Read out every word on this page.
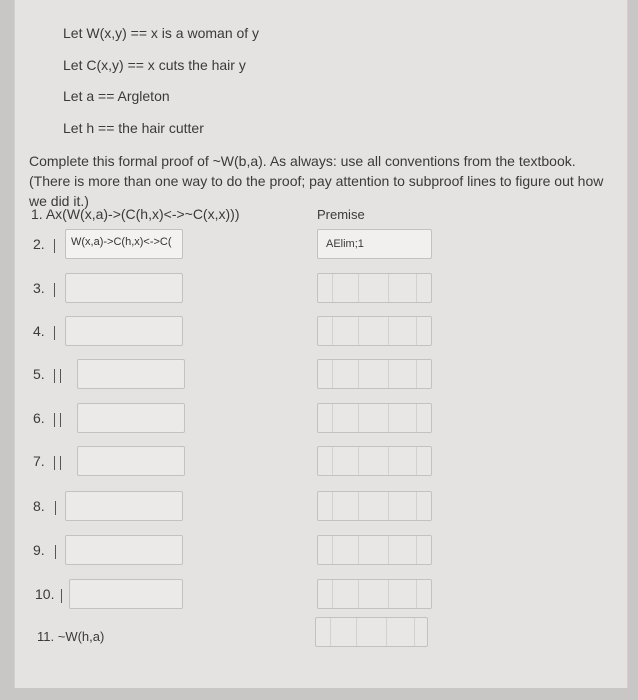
Let W(x,y) == x is a woman of y
Let C(x,y) == x cuts the hair y
Let a == Argleton
Let h == the hair cutter
Complete this formal proof of ~W(b,a). As always: use all conventions from the textbook. (There is more than one way to do the proof; pay attention to subproof lines to figure out how we did it.)
1. Ax(W(x,a)->(C(h,x)<->~C(x,x)))	Premise
2.	W(x,a)->C(h,x)<->C(	AElim;1
3.
4.
5.
6.
7.
8.
9.
10.
11. ~W(h,a)
